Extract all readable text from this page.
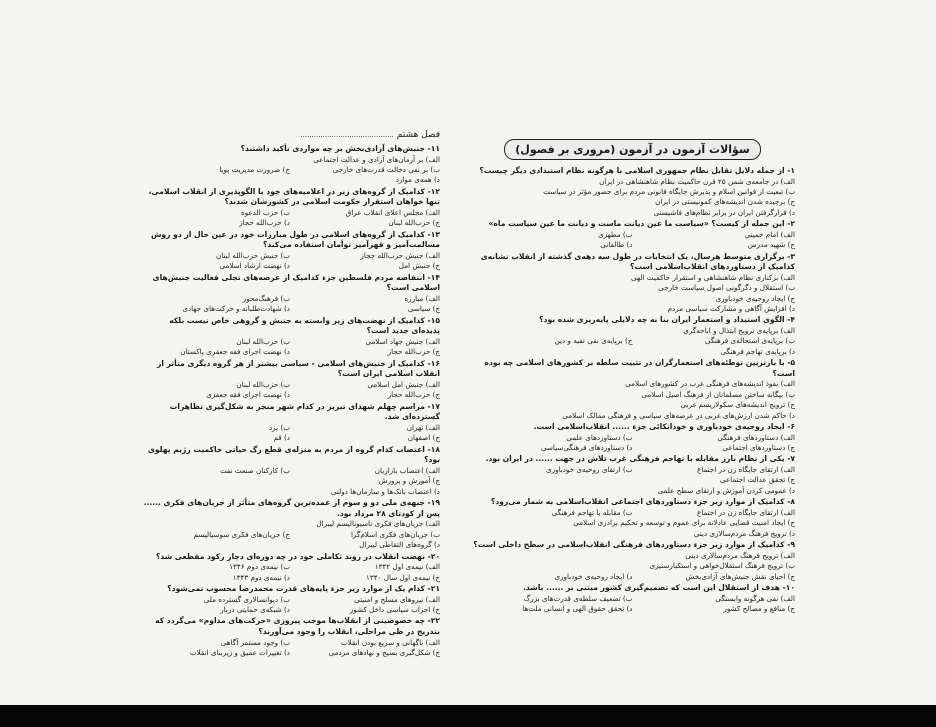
فصل هشتم ..........................................
۱۱- جنبش‌های آزادی‌بخش بر چه مواردی تأکید داشتند؟
الف) بر آرمان‌های آزادی و عدالت اجتماعی
ب) بر نفی دخالت قدرت‌های خارجی
ج) ضرورت مدیریت پویا
د) همه‌ی موارد
۱۲- کدامیک از گروه‌های زیر در اعلامیه‌های خود با الگوپذیری از انقلاب اسلامی، تنها خواهان استقرار حکومت اسلامی در کشورشان شدند؟
الف) مجلس اعلای انقلاب عراق
ب) حزب الدعوه
ج) حزب‌الله لبنان
د) حزب‌الله حجاز
۱۳- کدامیک از گروه‌های اسلامی در طول مبارزات خود در عین حال از دو روش مسالمت‌آمیز و قهرآمیز توأمان استفاده می‌کند؟
الف) جنبش حزب‌الله حجاز
ب) جنبش حزب‌الله لبنان
ج) جنبش امل
د) نهضت ارشاد اسلامی
۱۴- انتفاضه مردم فلسطین جزء کدامیک از عرصه‌های تجلی فعالیت جنبش‌های اسلامی است؟
الف) مبارزه
ب) فرهنگ‌محور
ج) سیاسی
د) شهادت‌طلبانه و حرکت‌های جهادی
۱۵- کدامیک از نهضت‌های زیر وابسته به جنبش و گروهی خاص نیست بلکه پدیده‌ای جدید است؟
الف) جنبش جهاد اسلامی
ب) حزب‌الله لبنان
ج) حزب‌الله حجاز
د) نهضت اجرای فقه جعفری پاکستان
۱۶- کدامیک از جنبش‌های اسلامی - سیاسی بیشتر از هر گروه دیگری متأثر از انقلاب اسلامی ایران است؟
الف) جنبش امل اسلامی
ب) حزب‌الله لبنان
ج) حزب‌الله حجاز
د) نهضت اجرای فقه جعفری
۱۷- مراسم چهلم شهدای تبریز در کدام شهر منجر به شکل‌گیری تظاهرات گسترده‌ای شد.
الف) تهران
ب) یزد
ج) اصفهان
د) قم
۱۸- اعتصاب کدام گروه از مردم به منزله‌ی قطع رگ حیاتی حاکمیت رژیم پهلوی بود؟
الف) اعتصاب بازاریان
ب) کارکنان صنعت نفت
ج) آموزش و پرورش
د) اعتصاب بانک‌ها و سازمان‌ها دولتی
۱۹- جبهه‌ی ملی دو و سوم از عمده‌ترین گروه‌های متأثر از جریان‌های فکری ...... پس از کودتای ۲۸ مرداد بود.
الف) جریان‌های فکری ناسیونالیسم لیبرال
ب) جریان‌های فکری اسلام‌گرا
ج) جریان‌های فکری سوسیالیسم
د) گروه‌های التقاطی لیبرال
۲۰- نهضت انقلاب در روند تکاملی خود در چه دوره‌ای دچار رکود مقطعی شد؟
الف) نیمه‌ی اول ۱۳۴۲
ب) نیمه‌ی دوم ۱۳۴۶
ج) نیمه‌ی اول سال ۱۳۴۰
د) نیمه‌ی دوم ۱۳۴۳
۲۱- کدام یک از موارد زیر جزء پایه‌های قدرت محمدرضا محسوب نمی‌شود؟
الف) نیروهای مسلح و امنیتی
ب) دیوانسالاری گسترده ملی
ج) احزاب سیاسی داخل کشور
د) شبکه‌ی حمایتی دربار
۲۲- چه خصوصیتی از انقلاب‌ها موجب پیروزی «حرکت‌های مداوم» می‌گردد که بتدریج در طی مراحلی، انقلاب را وجود می‌آورند؟
الف) ناگهانی و سریع بودن انقلاب
ب) وجود مستمر آگاهی
ج) شکل‌گیری بسیج و نهادهای مردمی
د) تغییرات عمیق و زیربنای انقلاب
سؤالات آزمون در آزمون (مروری بر فصول)
۱- از جمله دلایل تقابل نظام جمهوری اسلامی با هرگونه نظام استبدادی دیگر چیست؟
الف) در جامعه‌ی شمن ۲۵ قرن حاکمیت نظام شاهنشاهی در ایران
ب) تبعیت از قوانین اسلام و پذیرش جایگاه قانونی مردم برای حضور مؤثر در سیاست
ج) برچیده شدن اندیشه‌های کمونیستی در ایران
د) قرارگرفتن ایران در برابر نظام‌های فاشیستی
۲- این جمله از کیست؟ «سیاست ما عین دیانت ماست و دیانت ما عین سیاست ماه»
الف) امام خمینی
ب) مطهری
ج) شهید مدرس
د) طالقانی
۳- برگزاری متوسط هرسال، یک انتخابات در طول سه دهه‌ی گذشته از انقلاب نشانه‌ی کدامیک از دستاوردهای انقلاب‌اسلامی است؟
الف) برکناری نظام شاهنشاهی و استقرار حاکمیت الهی
ب) استقلال و دگرگونی اصول سیاست خارجی
ج) ایجاد روحیه‌ی خودباوری
د) افزایش آگاهی و مشارکت سیاسی مردم
۴- الگوی استبداد و استعمار ایران بنا به چه دلایلی پایه‌ریزی شده بود؟
الف) برپایه‌ی ترویج ابتذال و اباحه‌گری
ب) برپایه‌ی استحاله‌ی فرهنگی
ج) برپایه‌ی نفی تقیه و دین
د) برپایه‌ی تهاجم فرهنگی
۵- با بازتزیین توطئه‌های استعمارگران در تثبیت سلطه بر کشورهای اسلامی چه بوده است؟
الف) نفوذ اندیشه‌های فرهنگی غرب در کشورهای اسلامی
ب) بیگانه ساختن مسلمانان از فرهنگ اصیل اسلامی
ج) ترویج اندیشه‌های سکولاریسم غربی
د) حاکم شدن ارزش‌های غربی در عرصه‌های سیاسی و فرهنگی ممالک اسلامی
۶- ایجاد روحیه‌ی خودباوری و خودانکائی جزء ...... انقلاب‌اسلامی است.
الف) دستاوردهای فرهنگی
ب) دستاوردهای علمی
ج) دستاوردهای اجتماعی
د) دستاوردهای فرهنگی‌سیاسی
۷- یکی از نظام بارز مقابله با تهاجم فرهنگی غرب تلاش در جهت ...... در ایران بود.
الف) ارتقای جایگاه زن در اجتماع
ب) ارتقای روحیه‌ی خودباوری
ج) تحقق عدالت اجتماعی
د) عمومی کردن آموزش و ارتقای سطح علمی
۸- کدامیک از موارد زیر جزء دستاوردهای اجتماعی انقلاب‌اسلامی به شمار می‌رود؟
الف) ارتقای جایگاه زن در اجتماع
ب) مقابله با تهاجم فرهنگی
ج) ایجاد امنیت قضایی عادلانه برای عموم و توسعه و تحکیم برادری اسلامی
د) ترویج فرهنگ مردم‌سالاری دینی
۹- کدامیک از موارد زیر جزء دستاوردهای فرهنگی انقلاب‌اسلامی در سطح داخلی است؟
الف) ترویج فرهنگ مردم‌سالاری دینی
ب) ترویج فرهنگ استقلال‌خواهی و استکبارستیزی
ج) احیای نقش جنبش‌های آزادی‌بخش
د) ایجاد روحیه‌ی خودباوری
۱۰- هدف از استقلال این است که تصمیم‌گیری کشور مبتنی بر ...... باشد.
الف) نفی هرگونه وابستگی
ب) تضعیف سلطه‌ی قدرت‌های بزرگ
ج) منافع و مصالح کشور
د) تحقق حقوق الهی و انسانی ملت‌ها
